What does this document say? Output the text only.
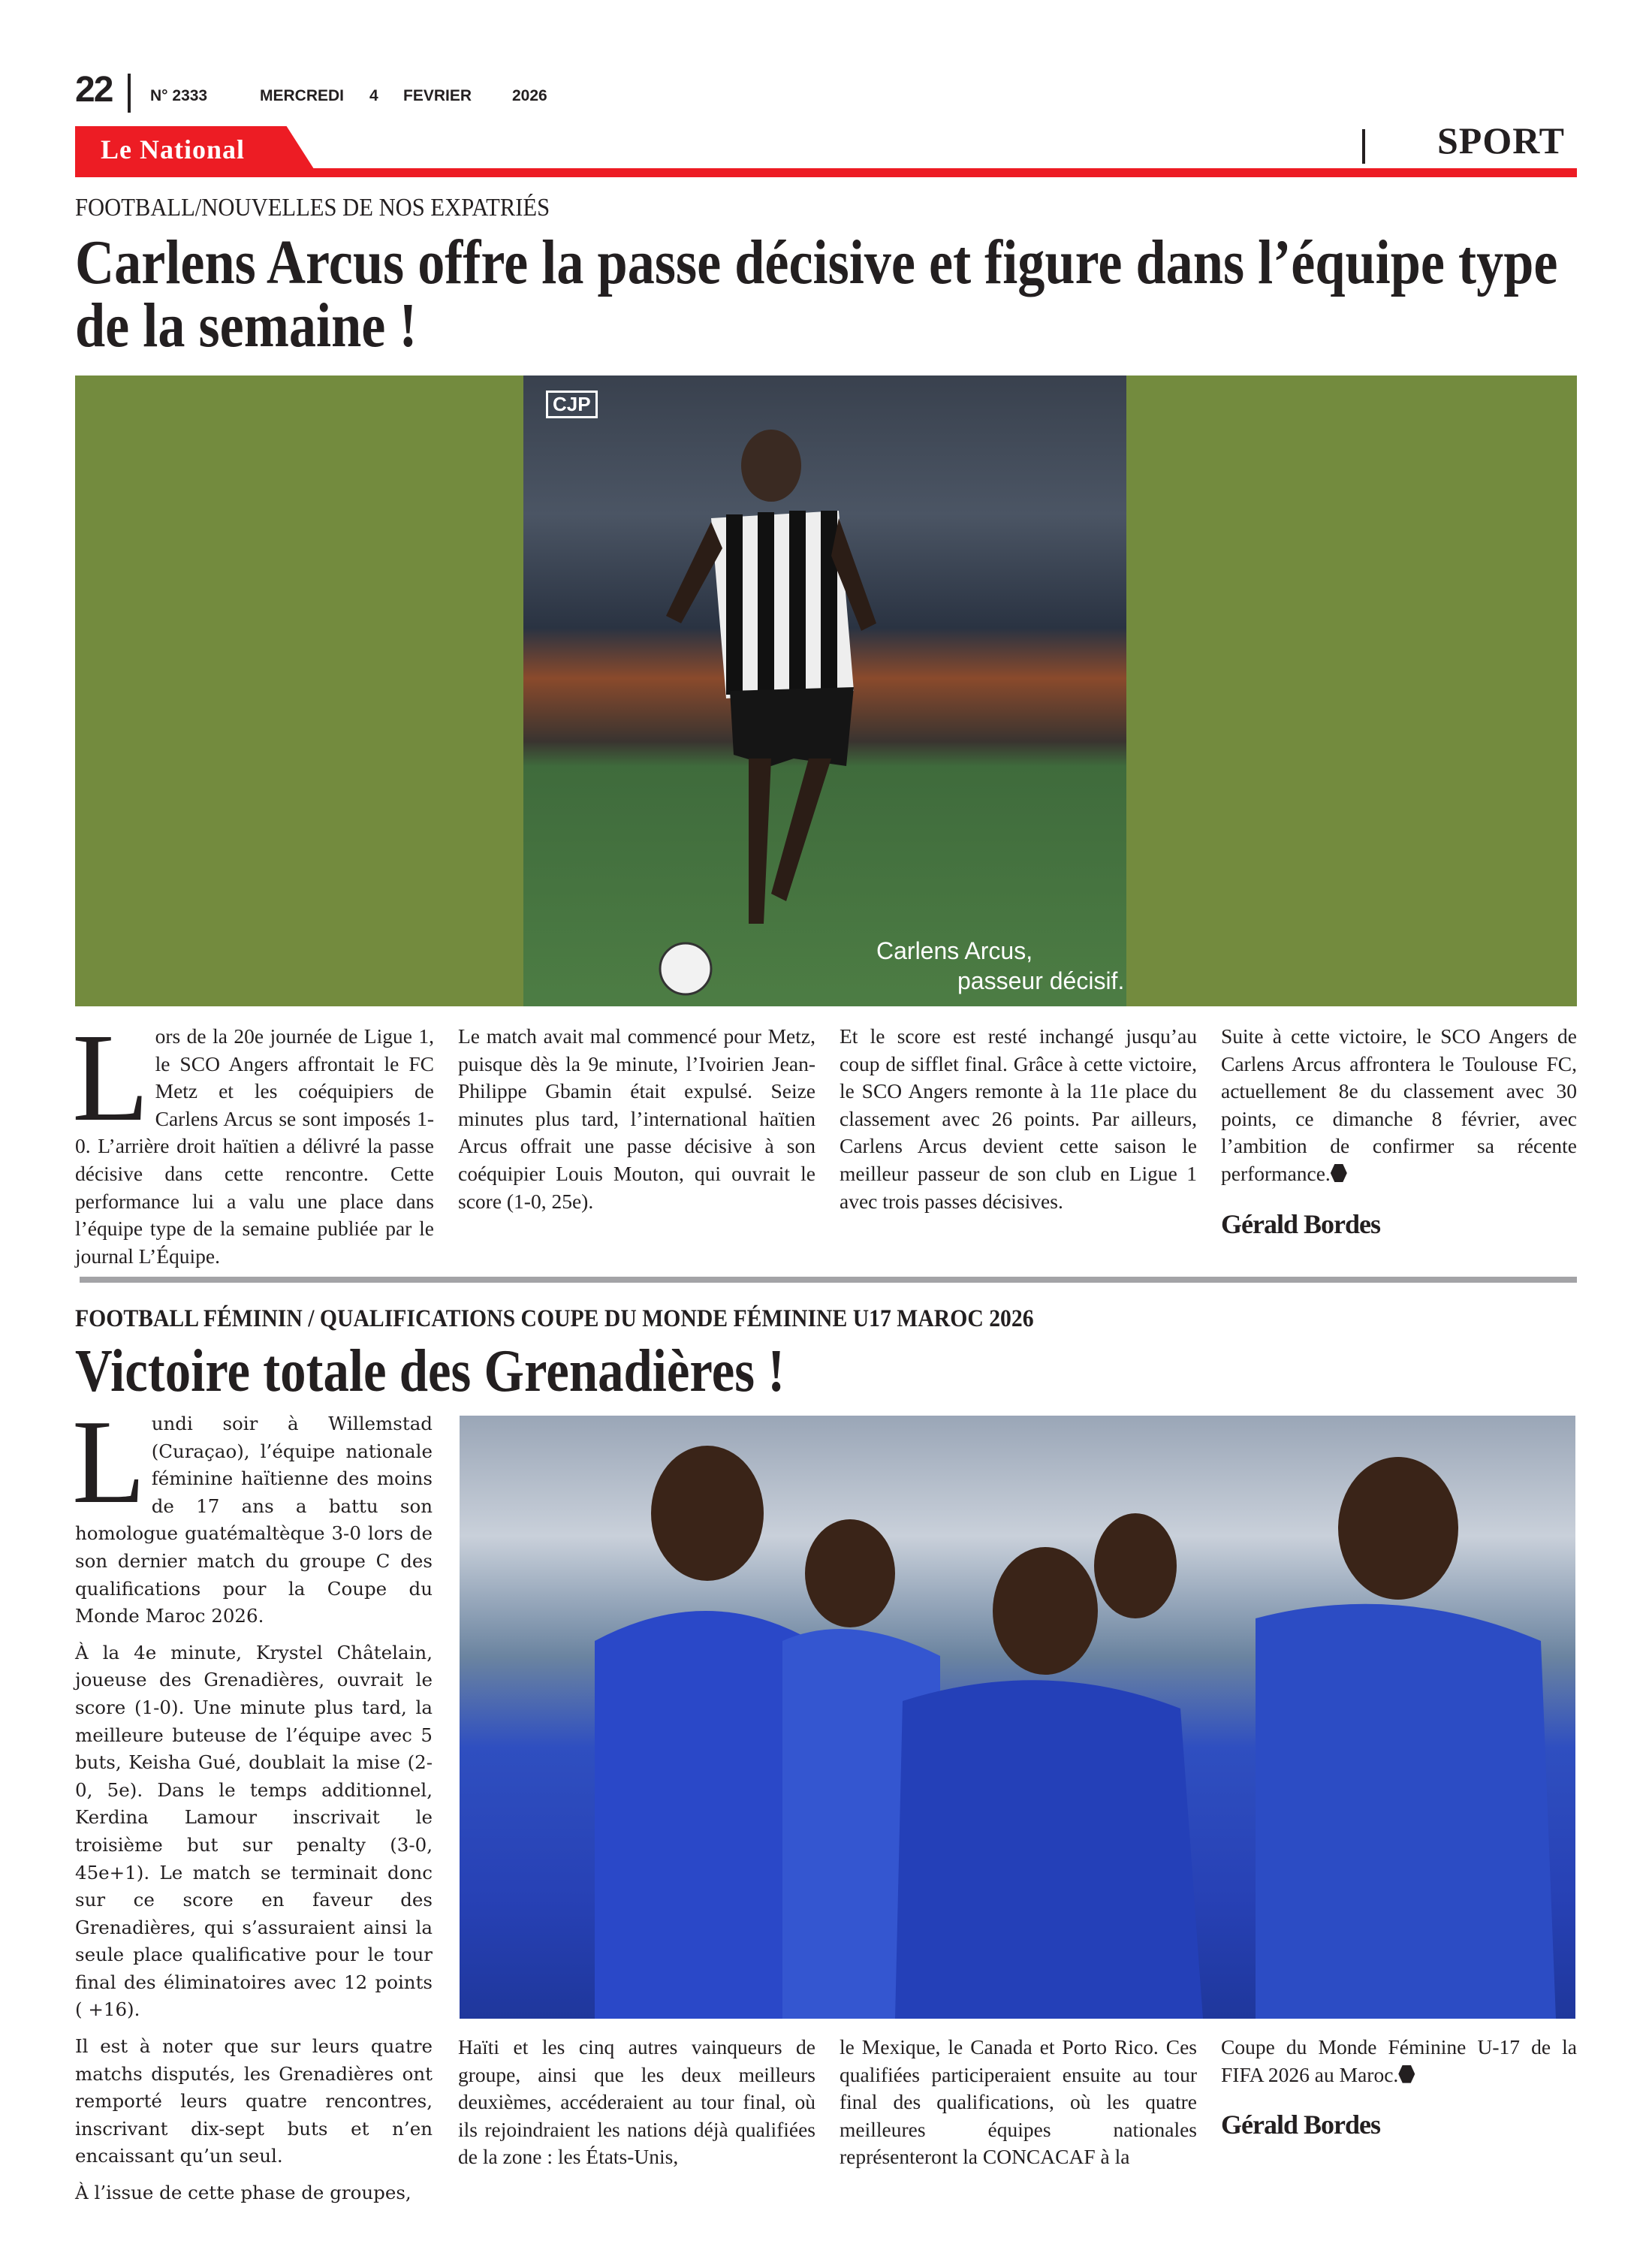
22 N° 2333	MERCREDI 4 FEVRIER	2026
Le National	SPORT
FOOTBALL/NOUVELLES DE NOS EXPATRIÉS
Carlens Arcus offre la passe décisive et figure dans l’équipe type de la semaine !
CJP
Carlens Arcus,
passeur décisif.
L ors de la 20e journée de Ligue 1, le SCO Angers affrontait le FC Metz et les coéquipiers de Carlens Arcus se sont imposés 1-0. L’arrière droit haïtien a délivré la passe décisive dans cette rencontre. Cette performance lui a valu une place dans l’équipe type de la semaine publiée par le journal L’Équipe.

Le match avait mal commencé pour Metz, puisque dès la 9e minute, l’Ivoirien Jean-Philippe Gbamin était expulsé. Seize minutes plus tard, l’international haïtien Arcus offrait une passe décisive à son coéquipier Louis Mouton, qui ouvrait le score (1-0, 25e).

Et le score est resté inchangé jusqu’au coup de sifflet final. Grâce à cette victoire, le SCO Angers remonte à la 11e place du classement avec 26 points. Par ailleurs, Carlens Arcus devient cette saison le meilleur passeur de son club en Ligue 1 avec trois passes décisives.

Suite à cette victoire, le SCO Angers de Carlens Arcus affrontera le Toulouse FC, actuellement 8e du classement avec 30 points, ce dimanche 8 février, avec l’ambition de confirmer sa récente performance.

Gérald Bordes
FOOTBALL FÉMININ / QUALIFICATIONS COUPE DU MONDE FÉMININE U17 MAROC 2026
Victoire totale des Grenadières !
L undi soir à Willemstad (Curaçao), l’équipe nationale féminine haïtienne des moins de 17 ans a battu son homologue guatémaltèque 3-0 lors de son dernier match du groupe C des qualifications pour la Coupe du Monde Maroc 2026.

À la 4e minute, Krystel Châtelain, joueuse des Grenadières, ouvrait le score (1-0). Une minute plus tard, la meilleure buteuse de l’équipe avec 5 buts, Keisha Gué, doublait la mise (2-0, 5e). Dans le temps additionnel, Kerdina Lamour inscrivait le troisième but sur penalty (3-0, 45e+1). Le match se terminait donc sur ce score en faveur des Grenadières, qui s’assuraient ainsi la seule place qualificative pour le tour final des éliminatoires avec 12 points ( +16).

Il est à noter que sur leurs quatre matchs disputés, les Grenadières ont remporté leurs quatre rencontres, inscrivant dix-sept buts et n’en encaissant qu’un seul.

À l’issue de cette phase de groupes,

Haïti et les cinq autres vainqueurs de groupe, ainsi que les deux meilleurs deuxièmes, accéderaient au tour final, où ils rejoindraient les nations déjà qualifiées de la zone : les États-Unis,

le Mexique, le Canada et Porto Rico. Ces qualifiées participeraient ensuite au tour final des qualifications, où les quatre meilleures équipes nationales représenteront la CONCACAF à la

Coupe du Monde Féminine U-17 de la FIFA 2026 au Maroc.

Gérald Bordes
